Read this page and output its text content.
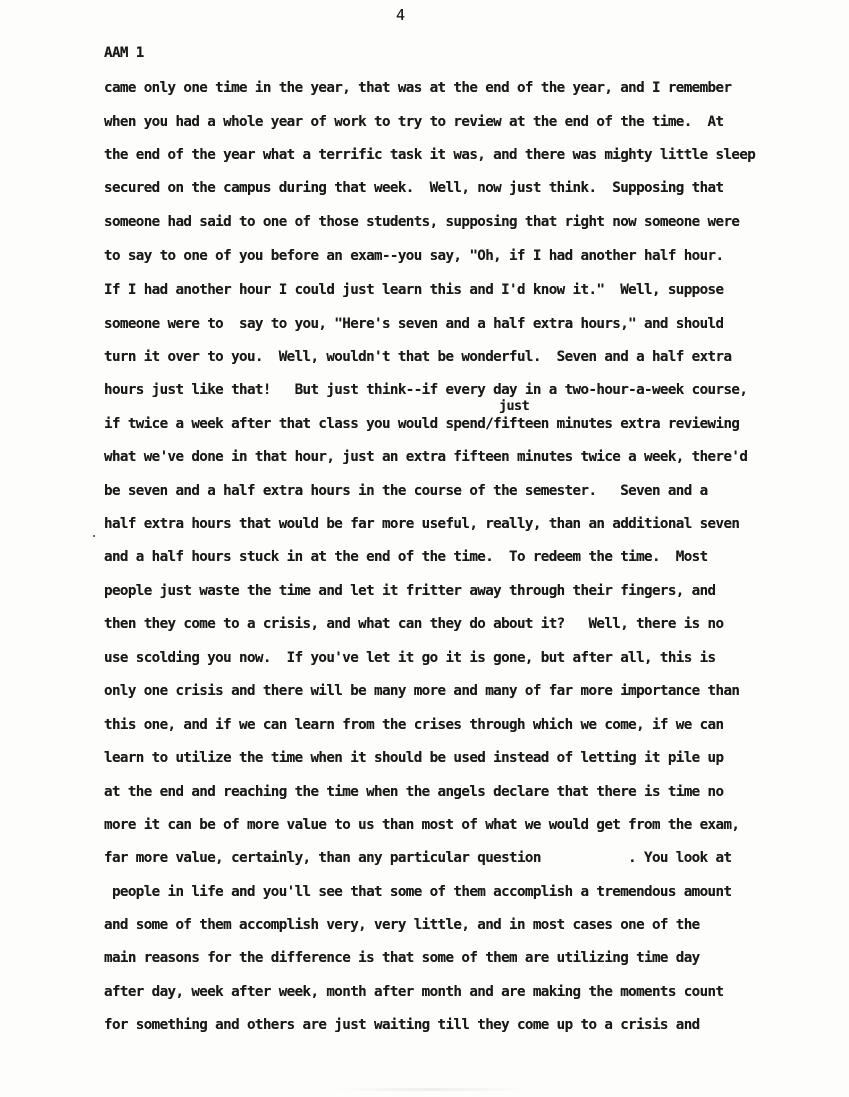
4
AAM 1
came only one time in the year, that was at the end of the year, and I remember
when you had a whole year of work to try to review at the end of the time.  At
the end of the year what a terrific task it was, and there was mighty little sleep
secured on the campus during that week.  Well, now just think.  Supposing that
someone had said to one of those students, supposing that right now someone were
to say to one of you before an exam--you say, "Oh, if I had another half hour.
If I had another hour I could just learn this and I'd know it."  Well, suppose
someone were to  say to you, "Here's seven and a half extra hours," and should
turn it over to you.  Well, wouldn't that be wonderful.  Seven and a half extra
hours just like that!   But just think--if every day in a two-hour-a-week course,
just
if twice a week after that class you would spend/fifteen minutes extra reviewing
what we've done in that hour, just an extra fifteen minutes twice a week, there'd
be seven and a half extra hours in the course of the semester.   Seven and a
half extra hours that would be far more useful, really, than an additional seven
and a half hours stuck in at the end of the time.  To redeem the time.  Most
people just waste the time and let it fritter away through their fingers, and
then they come to a crisis, and what can they do about it?   Well, there is no
use scolding you now.  If you've let it go it is gone, but after all, this is
only one crisis and there will be many more and many of far more importance than
this one, and if we can learn from the crises through which we come, if we can
learn to utilize the time when it should be used instead of letting it pile up
at the end and reaching the time when the angels declare that there is time no
more it can be of more value to us than most of what we would get from the exam,
far more value, certainly, than any particular question           . You look at
people in life and you'll see that some of them accomplish a tremendous amount
and some of them accomplish very, very little, and in most cases one of the
main reasons for the difference is that some of them are utilizing time day
after day, week after week, month after month and are making the moments count
for something and others are just waiting till they come up to a crisis and
